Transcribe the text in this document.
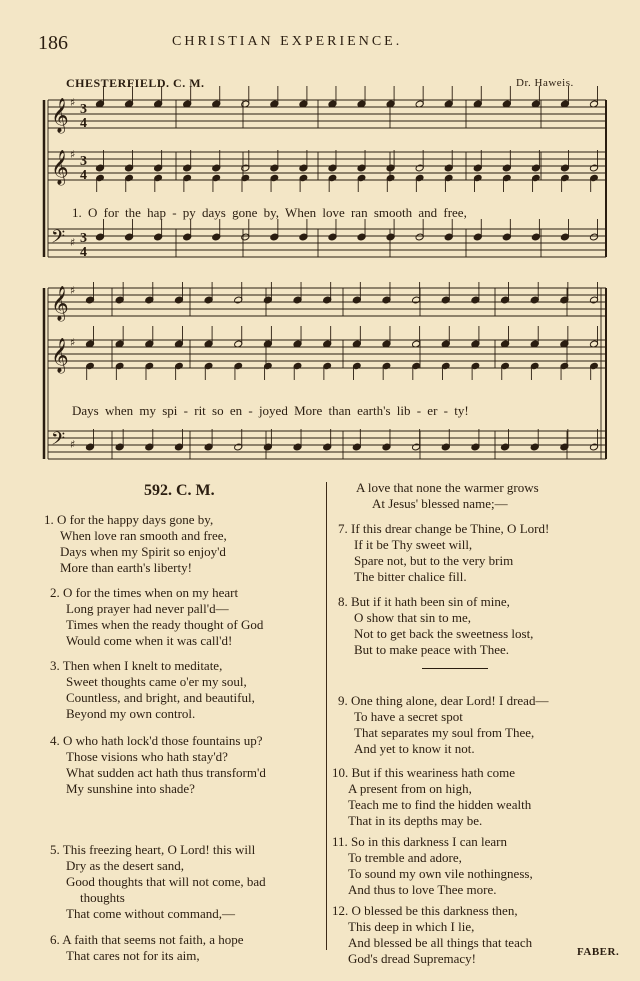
186	CHRISTIAN EXPERIENCE.
CHESTERFIELD. C. M.	Dr. Haweis.
𝄞 ♯ 3
4
𝄞 ♯ 3
4
𝄢 ♯ 3
4
𝄞 ♯
𝄞 ♯
𝄢 ♯
1. O for the hap - py days gone by, When love ran smooth and free,
Days when my spi - rit so en - joyed More than earth's lib - er - ty!
592. C. M.
1. O for the happy days gone by,
When love ran smooth and free,
Days when my Spirit so enjoy'd
More than earth's liberty!
2. O for the times when on my heart
Long prayer had never pall'd—
Times when the ready thought of God
Would come when it was call'd!
3. Then when I knelt to meditate,
Sweet thoughts came o'er my soul,
Countless, and bright, and beautiful,
Beyond my own control.
4. O who hath lock'd those fountains up?
Those visions who hath stay'd?
What sudden act hath thus transform'd
My sunshine into shade?
5. This freezing heart, O Lord! this will
Dry as the desert sand,
Good thoughts that will not come, bad
thoughts
That come without command,—
6. A faith that seems not faith, a hope
That cares not for its aim,
A love that none the warmer grows
At Jesus' blessed name;—
7. If this drear change be Thine, O Lord!
If it be Thy sweet will,
Spare not, but to the very brim
The bitter chalice fill.
8. But if it hath been sin of mine,
O show that sin to me,
Not to get back the sweetness lost,
But to make peace with Thee.
9. One thing alone, dear Lord! I dread—
To have a secret spot
That separates my soul from Thee,
And yet to know it not.
10. But if this weariness hath come
A present from on high,
Teach me to find the hidden wealth
That in its depths may be.
11. So in this darkness I can learn
To tremble and adore,
To sound my own vile nothingness,
And thus to love Thee more.
12. O blessed be this darkness then,
This deep in which I lie,
And blessed be all things that teach
God's dread Supremacy!	FABER.
